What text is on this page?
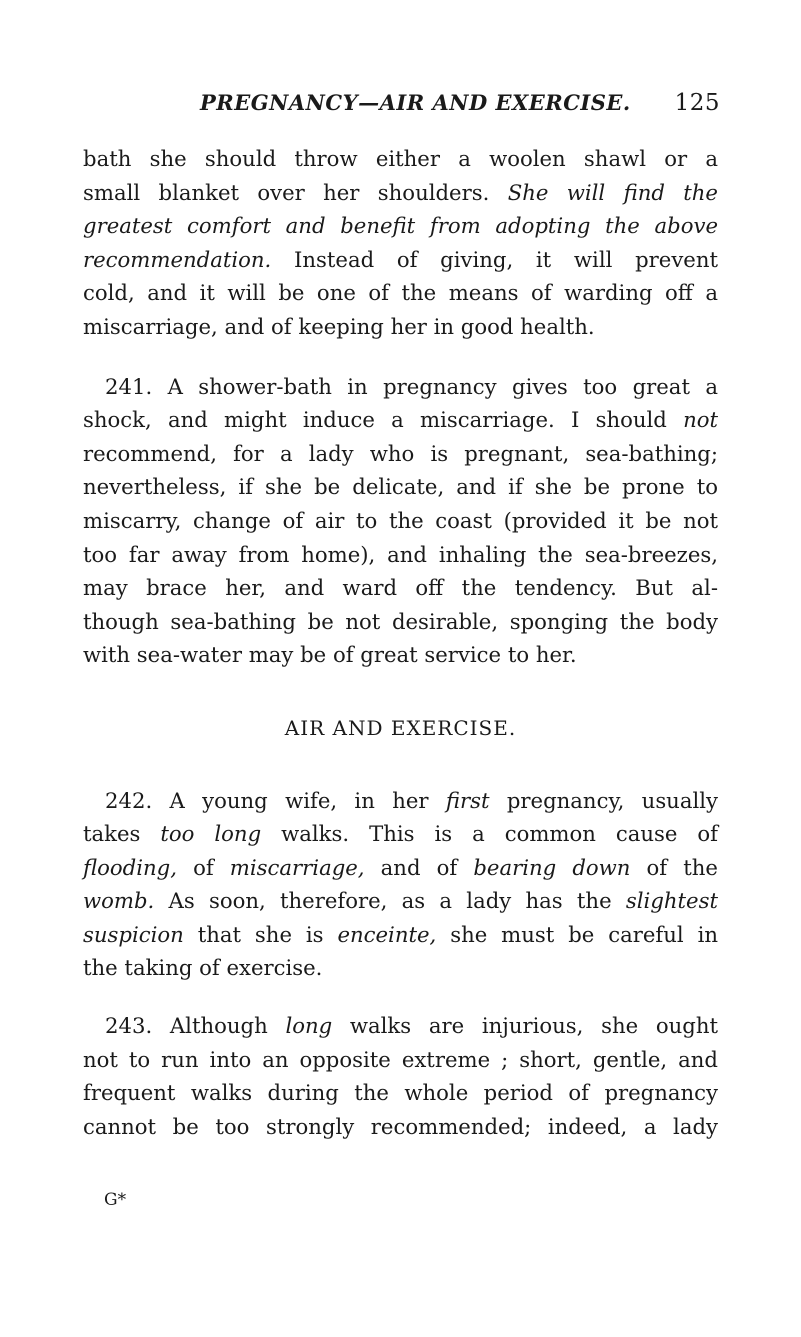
PREGNANCY—AIR AND EXERCISE. 125

bath she should throw either a woolen shawl or a
small blanket over her shoulders. She will find the
greatest comfort and benefit from adopting the above
recommendation. Instead of giving, it will prevent
cold, and it will be one of the means of warding off a
miscarriage, and of keeping her in good health.

241. A shower-bath in pregnancy gives too great a
shock, and might induce a miscarriage. I should not
recommend, for a lady who is pregnant, sea-bathing;
nevertheless, if she be delicate, and if she be prone to
miscarry, change of air to the coast (provided it be not
too far away from home), and inhaling the sea-breezes,
may brace her, and ward off the tendency. But al-
though sea-bathing be not desirable, sponging the body
with sea-water may be of great service to her.

AIR AND EXERCISE.

242. A young wife, in her first pregnancy, usually
takes too long walks. This is a common cause of
flooding, of miscarriage, and of bearing down of the
womb. As soon, therefore, as a lady has the slightest
suspicion that she is enceinte, she must be careful in
the taking of exercise.

243. Although long walks are injurious, she ought
not to run into an opposite extreme ; short, gentle, and
frequent walks during the whole period of pregnancy
cannot be too strongly recommended; indeed, a lady

G*
